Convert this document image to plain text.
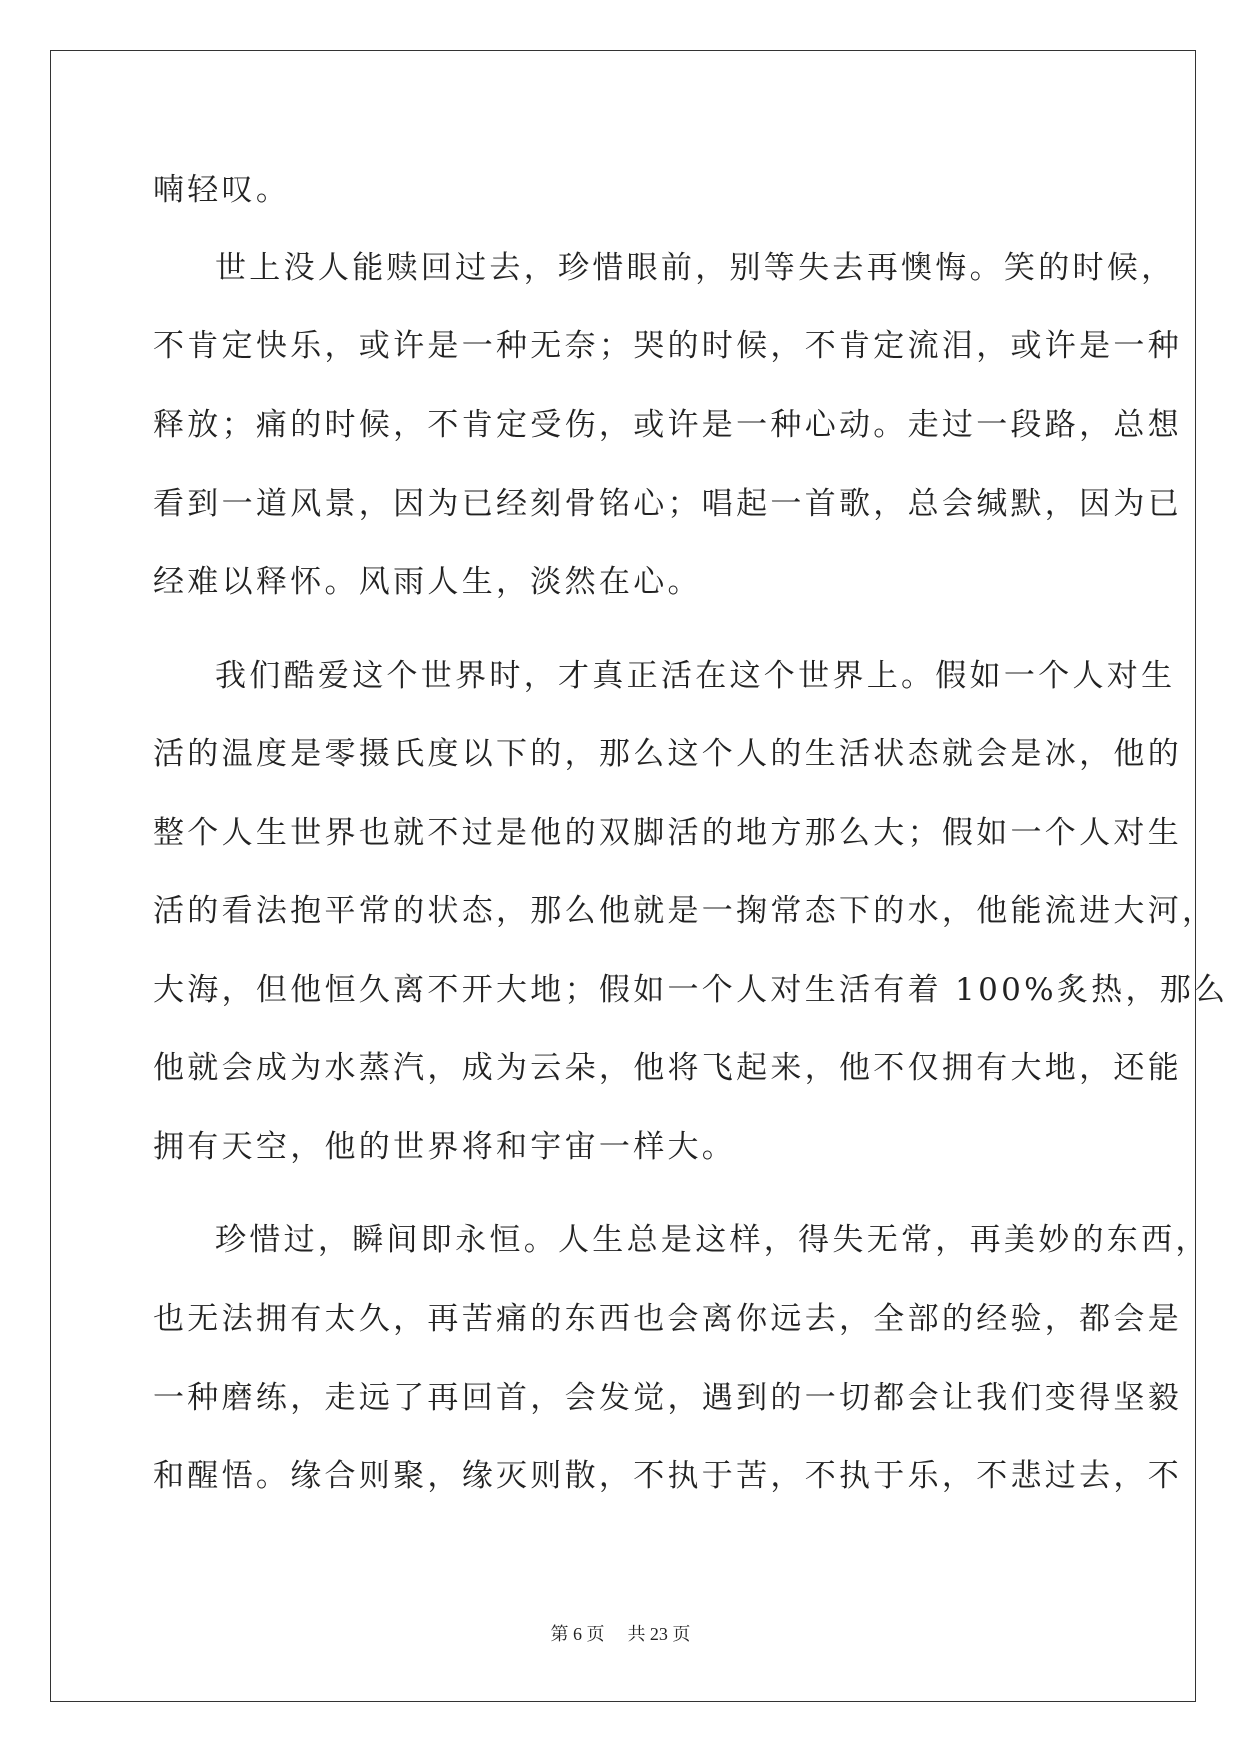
喃轻叹。
世上没人能赎回过去，珍惜眼前，别等失去再懊悔。笑的时候，
不肯定快乐，或许是一种无奈；哭的时候，不肯定流泪，或许是一种
释放；痛的时候，不肯定受伤，或许是一种心动。走过一段路，总想
看到一道风景，因为已经刻骨铭心；唱起一首歌，总会缄默，因为已
经难以释怀。风雨人生，淡然在心。
我们酷爱这个世界时，才真正活在这个世界上。假如一个人对生
活的温度是零摄氏度以下的，那么这个人的生活状态就会是冰，他的
整个人生世界也就不过是他的双脚活的地方那么大；假如一个人对生
活的看法抱平常的状态，那么他就是一掬常态下的水，他能流进大河，
大海，但他恒久离不开大地；假如一个人对生活有着 100%炙热，那么
他就会成为水蒸汽，成为云朵，他将飞起来，他不仅拥有大地，还能
拥有天空，他的世界将和宇宙一样大。
珍惜过，瞬间即永恒。人生总是这样，得失无常，再美妙的东西，
也无法拥有太久，再苦痛的东西也会离你远去，全部的经验，都会是
一种磨练，走远了再回首，会发觉，遇到的一切都会让我们变得坚毅
和醒悟。缘合则聚，缘灭则散，不执于苦，不执于乐，不悲过去，不
第 6 页 共 23 页
